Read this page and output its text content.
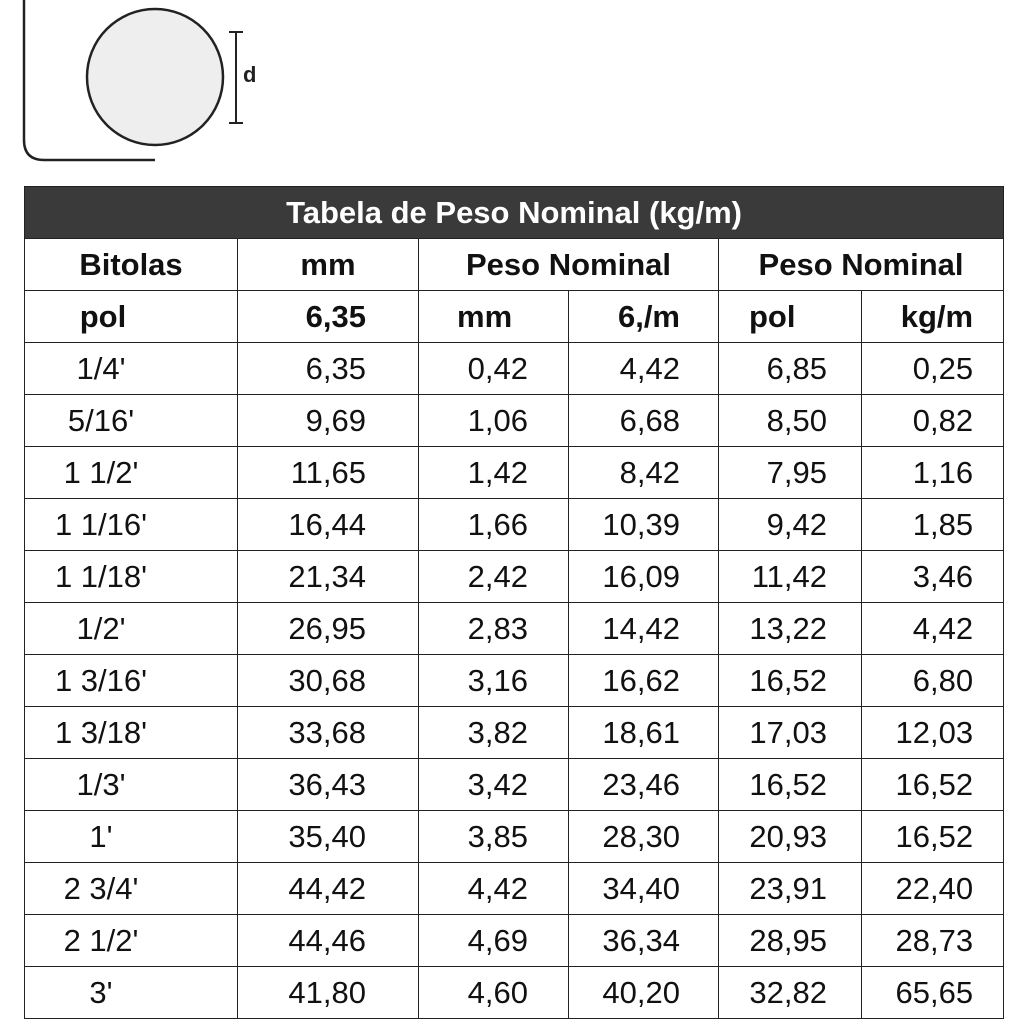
d
Tabela de Peso Nominal (kg/m)					
Bitolas	mm	Peso Nominal		Peso Nominal	
pol	6,35	mm	6,/m	pol	kg/m
1/4'	6,35	0,42	4,42	6,85	0,25
5/16'	9,69	1,06	6,68	8,50	0,82
1 1/2'	11,65	1,42	8,42	7,95	1,16
1 1/16'	16,44	1,66	10,39	9,42	1,85
1 1/18'	21,34	2,42	16,09	11,42	3,46
1/2'	26,95	2,83	14,42	13,22	4,42
1 3/16'	30,68	3,16	16,62	16,52	6,80
1 3/18'	33,68	3,82	18,61	17,03	12,03
1/3'	36,43	3,42	23,46	16,52	16,52
1'	35,40	3,85	28,30	20,93	16,52
2 3/4'	44,42	4,42	34,40	23,91	22,40
2 1/2'	44,46	4,69	36,34	28,95	28,73
3'	41,80	4,60	40,20	32,82	65,65
